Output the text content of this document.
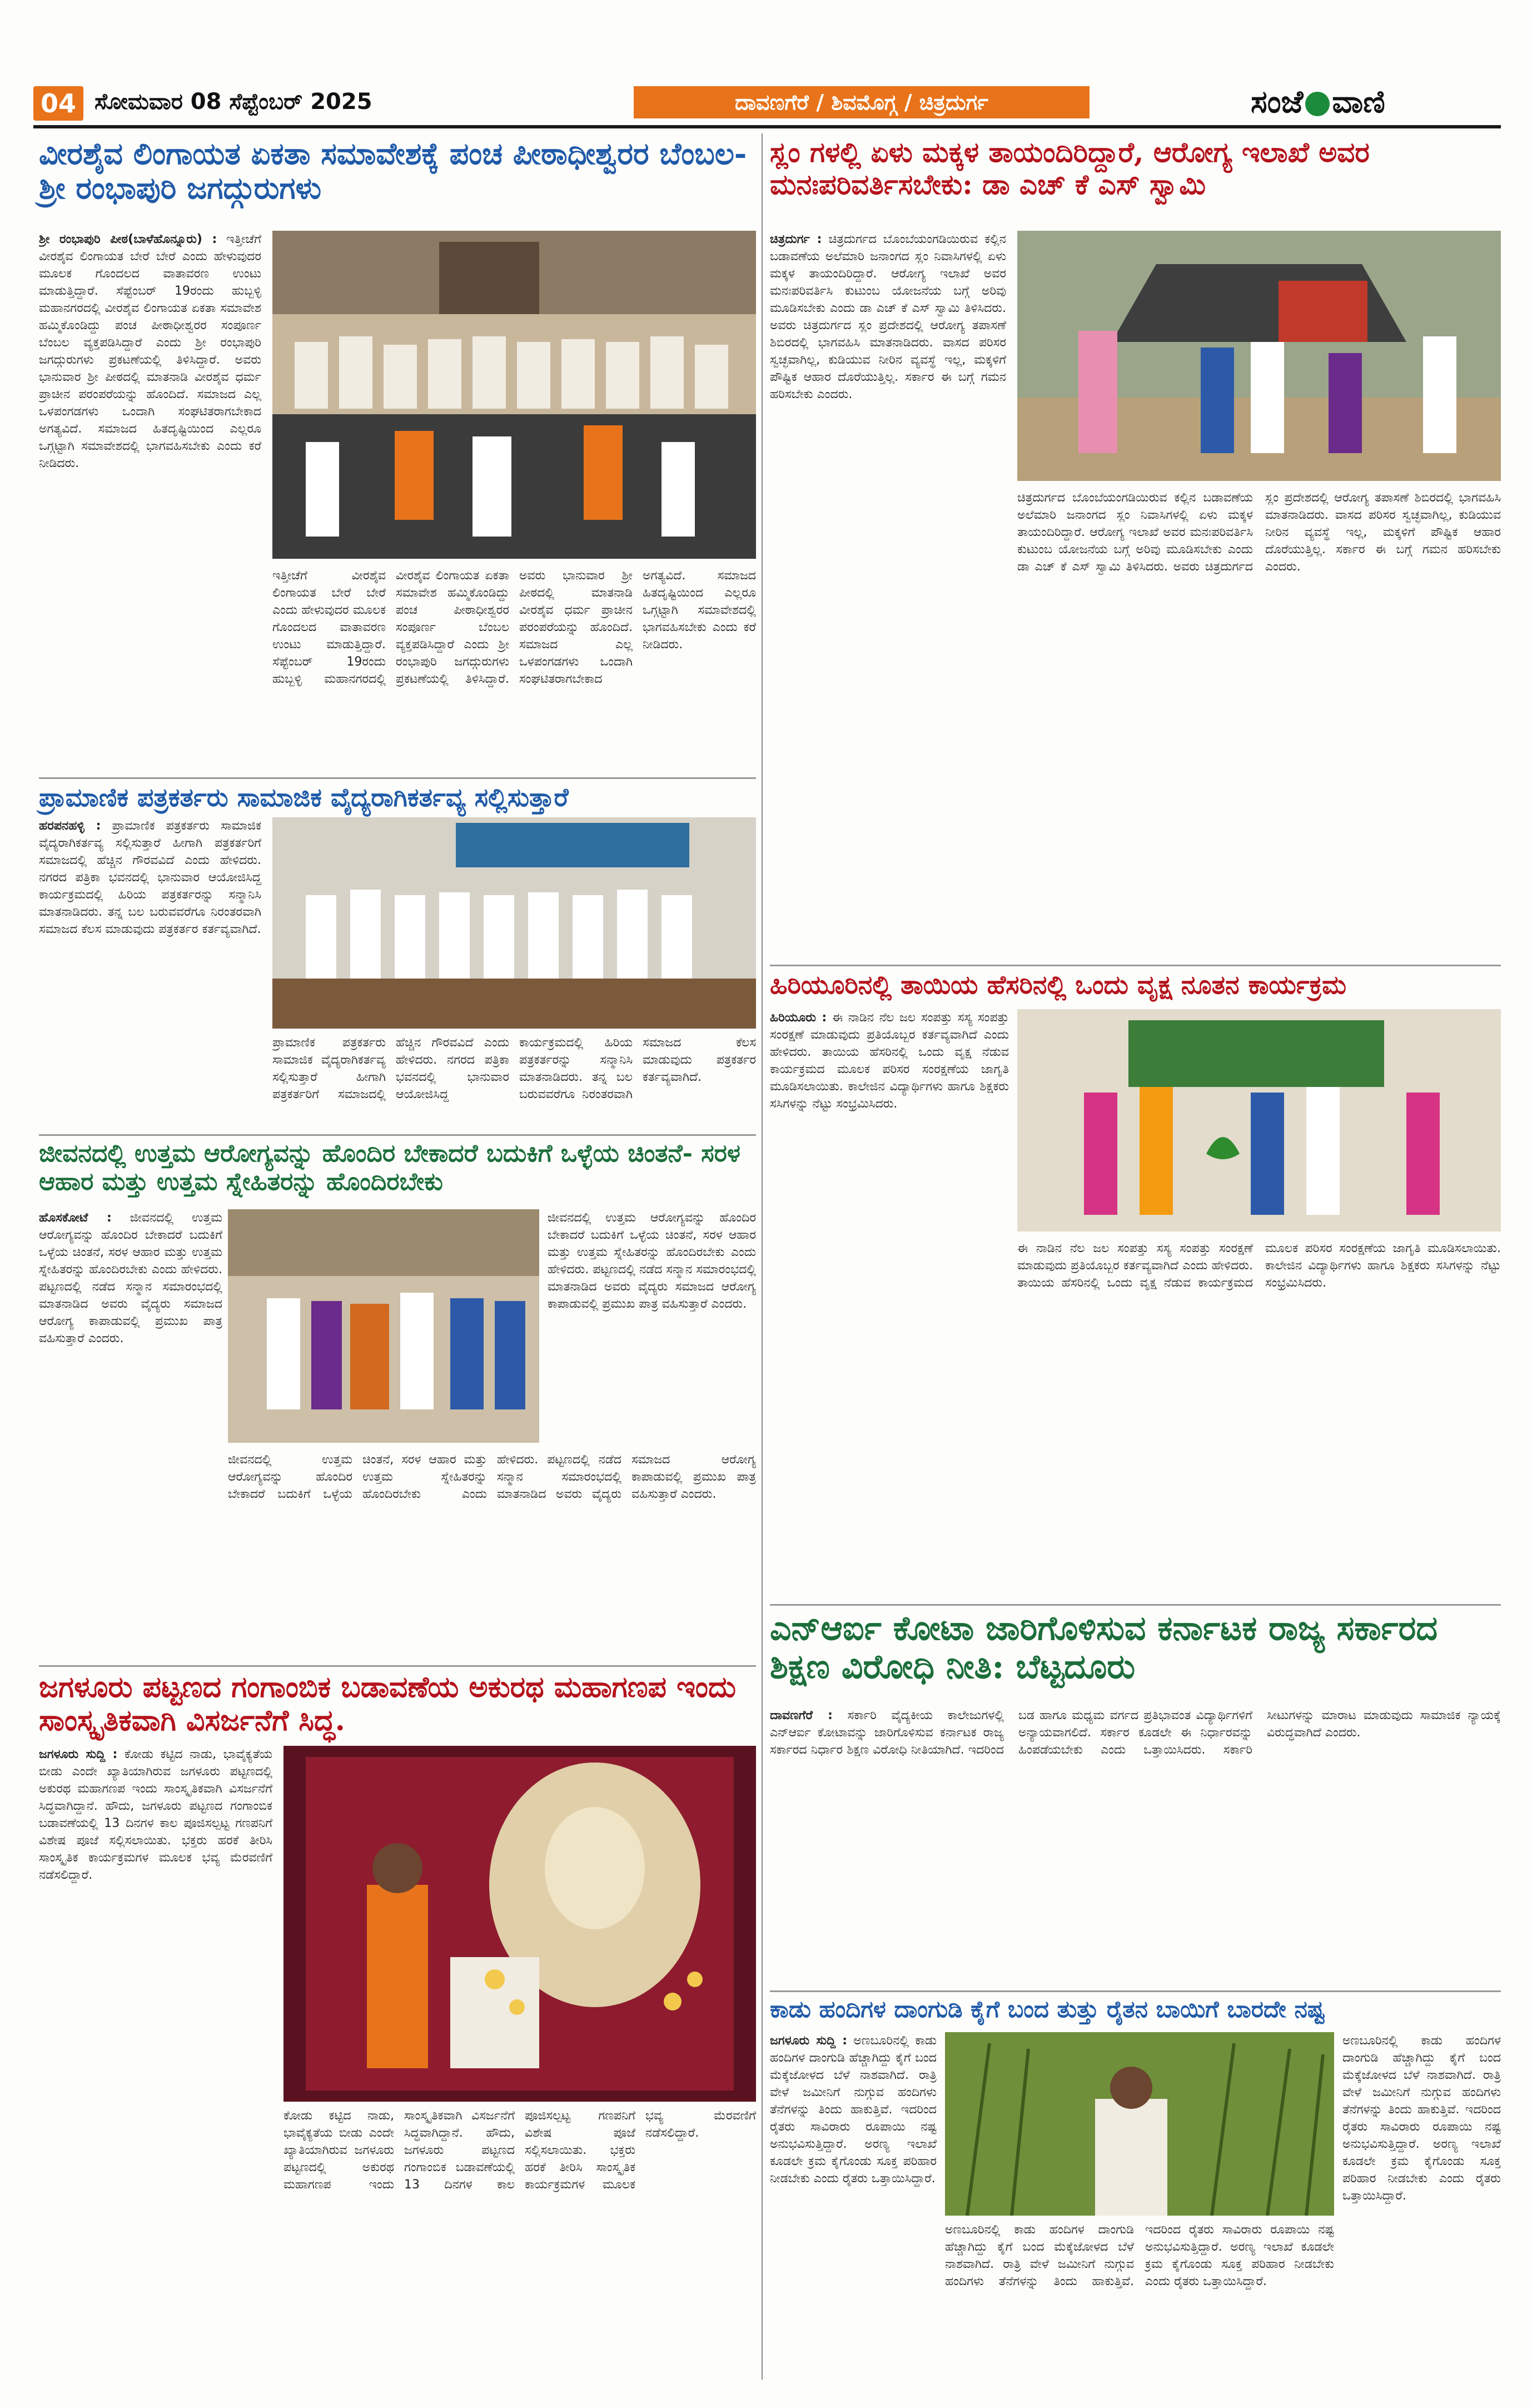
04 ಸೋಮವಾರ 08 ಸೆಪ್ಟೆಂಬರ್ 2025	ದಾವಣಗೆರೆ / ಶಿವಮೊಗ್ಗ / ಚಿತ್ರದುರ್ಗ	ಸಂಜೆ ವಾಣಿ
ವೀರಶೈವ ಲಿಂಗಾಯತ ಏಕತಾ ಸಮಾವೇಶಕ್ಕೆ ಪಂಚ ಪೀಠಾಧೀಶ್ವರರ ಬೆಂಬಲ- ಶ್ರೀ ರಂಭಾಪುರಿ ಜಗದ್ಗುರುಗಳು
ಶ್ರೀ ರಂಭಾಪುರಿ ಪೀಠ(ಬಾಳೆಹೊನ್ನೂರು) : ಇತ್ತೀಚೆಗೆ ವೀರಶೈವ ಲಿಂಗಾಯತ ಬೇರೆ ಬೇರೆ ಎಂದು ಹೇಳುವುದರ ಮೂಲಕ ಗೊಂದಲದ ವಾತಾವರಣ ಉಂಟು ಮಾಡುತ್ತಿದ್ದಾರೆ. ಸೆಪ್ಟೆಂಬರ್ 19ರಂದು ಹುಬ್ಬಳ್ಳಿ ಮಹಾನಗರದಲ್ಲಿ ವೀರಶೈವ ಲಿಂಗಾಯತ ಏಕತಾ ಸಮಾವೇಶ ಹಮ್ಮಿಕೊಂಡಿದ್ದು ಪಂಚ ಪೀಠಾಧೀಶ್ವರರ ಸಂಪೂರ್ಣ ಬೆಂಬಲ ವ್ಯಕ್ತಪಡಿಸಿದ್ದಾರೆ ಎಂದು ಶ್ರೀ ರಂಭಾಪುರಿ ಜಗದ್ಗುರುಗಳು ಪ್ರಕಟಣೆಯಲ್ಲಿ ತಿಳಿಸಿದ್ದಾರೆ. ಅವರು ಭಾನುವಾರ ಶ್ರೀ ಪೀಠದಲ್ಲಿ ಮಾತನಾಡಿ ವೀರಶೈವ ಧರ್ಮ ಪ್ರಾಚೀನ ಪರಂಪರೆಯನ್ನು ಹೊಂದಿದೆ. ಸಮಾಜದ ಎಲ್ಲ ಒಳಪಂಗಡಗಳು ಒಂದಾಗಿ ಸಂಘಟಿತರಾಗಬೇಕಾದ ಅಗತ್ಯವಿದೆ. ಸಮಾಜದ ಹಿತದೃಷ್ಟಿಯಿಂದ ಎಲ್ಲರೂ ಒಗ್ಗಟ್ಟಾಗಿ ಸಮಾವೇಶದಲ್ಲಿ ಭಾಗವಹಿಸಬೇಕು ಎಂದು ಕರೆ ನೀಡಿದರು.
ಇತ್ತೀಚೆಗೆ ವೀರಶೈವ ಲಿಂಗಾಯತ ಬೇರೆ ಬೇರೆ ಎಂದು ಹೇಳುವುದರ ಮೂಲಕ ಗೊಂದಲದ ವಾತಾವರಣ ಉಂಟು ಮಾಡುತ್ತಿದ್ದಾರೆ. ಸೆಪ್ಟೆಂಬರ್ 19ರಂದು ಹುಬ್ಬಳ್ಳಿ ಮಹಾನಗರದಲ್ಲಿ ವೀರಶೈವ ಲಿಂಗಾಯತ ಏಕತಾ ಸಮಾವೇಶ ಹಮ್ಮಿಕೊಂಡಿದ್ದು ಪಂಚ ಪೀಠಾಧೀಶ್ವರರ ಸಂಪೂರ್ಣ ಬೆಂಬಲ ವ್ಯಕ್ತಪಡಿಸಿದ್ದಾರೆ ಎಂದು ಶ್ರೀ ರಂಭಾಪುರಿ ಜಗದ್ಗುರುಗಳು ಪ್ರಕಟಣೆಯಲ್ಲಿ ತಿಳಿಸಿದ್ದಾರೆ. ಅವರು ಭಾನುವಾರ ಶ್ರೀ ಪೀಠದಲ್ಲಿ ಮಾತನಾಡಿ ವೀರಶೈವ ಧರ್ಮ ಪ್ರಾಚೀನ ಪರಂಪರೆಯನ್ನು ಹೊಂದಿದೆ. ಸಮಾಜದ ಎಲ್ಲ ಒಳಪಂಗಡಗಳು ಒಂದಾಗಿ ಸಂಘಟಿತರಾಗಬೇಕಾದ ಅಗತ್ಯವಿದೆ. ಸಮಾಜದ ಹಿತದೃಷ್ಟಿಯಿಂದ ಎಲ್ಲರೂ ಒಗ್ಗಟ್ಟಾಗಿ ಸಮಾವೇಶದಲ್ಲಿ ಭಾಗವಹಿಸಬೇಕು ಎಂದು ಕರೆ ನೀಡಿದರು.
ಪ್ರಾಮಾಣಿಕ ಪತ್ರಕರ್ತರು ಸಾಮಾಜಿಕ ವೈದ್ಯರಾಗಿಕರ್ತವ್ಯ ಸಲ್ಲಿಸುತ್ತಾರೆ
ಹರಪನಹಳ್ಳಿ : ಪ್ರಾಮಾಣಿಕ ಪತ್ರಕರ್ತರು ಸಾಮಾಜಿಕ ವೈದ್ಯರಾಗಿಕರ್ತವ್ಯ ಸಲ್ಲಿಸುತ್ತಾರೆ ಹೀಗಾಗಿ ಪತ್ರಕರ್ತರಿಗೆ ಸಮಾಜದಲ್ಲಿ ಹೆಚ್ಚಿನ ಗೌರವವಿದೆ ಎಂದು ಹೇಳಿದರು. ನಗರದ ಪತ್ರಿಕಾ ಭವನದಲ್ಲಿ ಭಾನುವಾರ ಆಯೋಜಿಸಿದ್ದ ಕಾರ್ಯಕ್ರಮದಲ್ಲಿ ಹಿರಿಯ ಪತ್ರಕರ್ತರನ್ನು ಸನ್ಮಾನಿಸಿ ಮಾತನಾಡಿದರು. ತನ್ನ ಬಲ ಬರುವವರೆಗೂ ನಿರಂತರವಾಗಿ ಸಮಾಜದ ಕೆಲಸ ಮಾಡುವುದು ಪತ್ರಕರ್ತರ ಕರ್ತವ್ಯವಾಗಿದೆ.
ಪ್ರಾಮಾಣಿಕ ಪತ್ರಕರ್ತರು ಸಾಮಾಜಿಕ ವೈದ್ಯರಾಗಿಕರ್ತವ್ಯ ಸಲ್ಲಿಸುತ್ತಾರೆ ಹೀಗಾಗಿ ಪತ್ರಕರ್ತರಿಗೆ ಸಮಾಜದಲ್ಲಿ ಹೆಚ್ಚಿನ ಗೌರವವಿದೆ ಎಂದು ಹೇಳಿದರು. ನಗರದ ಪತ್ರಿಕಾ ಭವನದಲ್ಲಿ ಭಾನುವಾರ ಆಯೋಜಿಸಿದ್ದ ಕಾರ್ಯಕ್ರಮದಲ್ಲಿ ಹಿರಿಯ ಪತ್ರಕರ್ತರನ್ನು ಸನ್ಮಾನಿಸಿ ಮಾತನಾಡಿದರು. ತನ್ನ ಬಲ ಬರುವವರೆಗೂ ನಿರಂತರವಾಗಿ ಸಮಾಜದ ಕೆಲಸ ಮಾಡುವುದು ಪತ್ರಕರ್ತರ ಕರ್ತವ್ಯವಾಗಿದೆ.
ಜೀವನದಲ್ಲಿ ಉತ್ತಮ ಆರೋಗ್ಯವನ್ನು ಹೊಂದಿರ ಬೇಕಾದರೆ ಬದುಕಿಗೆ ಒಳ್ಳೆಯ ಚಿಂತನೆ- ಸರಳ ಆಹಾರ ಮತ್ತು ಉತ್ತಮ ಸ್ನೇಹಿತರನ್ನು ಹೊಂದಿರಬೇಕು
ಹೊಸಕೋಟೆ : ಜೀವನದಲ್ಲಿ ಉತ್ತಮ ಆರೋಗ್ಯವನ್ನು ಹೊಂದಿರ ಬೇಕಾದರೆ ಬದುಕಿಗೆ ಒಳ್ಳೆಯ ಚಿಂತನೆ, ಸರಳ ಆಹಾರ ಮತ್ತು ಉತ್ತಮ ಸ್ನೇಹಿತರನ್ನು ಹೊಂದಿರಬೇಕು ಎಂದು ಹೇಳಿದರು. ಪಟ್ಟಣದಲ್ಲಿ ನಡೆದ ಸನ್ಮಾನ ಸಮಾರಂಭದಲ್ಲಿ ಮಾತನಾಡಿದ ಅವರು ವೈದ್ಯರು ಸಮಾಜದ ಆರೋಗ್ಯ ಕಾಪಾಡುವಲ್ಲಿ ಪ್ರಮುಖ ಪಾತ್ರ ವಹಿಸುತ್ತಾರೆ ಎಂದರು.
ಜೀವನದಲ್ಲಿ ಉತ್ತಮ ಆರೋಗ್ಯವನ್ನು ಹೊಂದಿರ ಬೇಕಾದರೆ ಬದುಕಿಗೆ ಒಳ್ಳೆಯ ಚಿಂತನೆ, ಸರಳ ಆಹಾರ ಮತ್ತು ಉತ್ತಮ ಸ್ನೇಹಿತರನ್ನು ಹೊಂದಿರಬೇಕು ಎಂದು ಹೇಳಿದರು. ಪಟ್ಟಣದಲ್ಲಿ ನಡೆದ ಸನ್ಮಾನ ಸಮಾರಂಭದಲ್ಲಿ ಮಾತನಾಡಿದ ಅವರು ವೈದ್ಯರು ಸಮಾಜದ ಆರೋಗ್ಯ ಕಾಪಾಡುವಲ್ಲಿ ಪ್ರಮುಖ ಪಾತ್ರ ವಹಿಸುತ್ತಾರೆ ಎಂದರು.
ಜೀವನದಲ್ಲಿ ಉತ್ತಮ ಆರೋಗ್ಯವನ್ನು ಹೊಂದಿರ ಬೇಕಾದರೆ ಬದುಕಿಗೆ ಒಳ್ಳೆಯ ಚಿಂತನೆ, ಸರಳ ಆಹಾರ ಮತ್ತು ಉತ್ತಮ ಸ್ನೇಹಿತರನ್ನು ಹೊಂದಿರಬೇಕು ಎಂದು ಹೇಳಿದರು. ಪಟ್ಟಣದಲ್ಲಿ ನಡೆದ ಸನ್ಮಾನ ಸಮಾರಂಭದಲ್ಲಿ ಮಾತನಾಡಿದ ಅವರು ವೈದ್ಯರು ಸಮಾಜದ ಆರೋಗ್ಯ ಕಾಪಾಡುವಲ್ಲಿ ಪ್ರಮುಖ ಪಾತ್ರ ವಹಿಸುತ್ತಾರೆ ಎಂದರು.
ಜಗಳೂರು ಪಟ್ಟಣದ ಗಂಗಾಂಬಿಕ ಬಡಾವಣೆಯ ಅಕುರಥ ಮಹಾಗಣಪ ಇಂದು ಸಾಂಸ್ಕೃತಿಕವಾಗಿ ವಿಸರ್ಜನೆಗೆ ಸಿದ್ಧ.
ಜಗಳೂರು ಸುದ್ದಿ : ಕೋಡು ಕಟ್ಟಿದ ನಾಡು, ಭಾವೈಕ್ಯತೆಯ ಬೀಡು ಎಂದೇ ಖ್ಯಾತಿಯಾಗಿರುವ ಜಗಳೂರು ಪಟ್ಟಣದಲ್ಲಿ ಅಕುರಥ ಮಹಾಗಣಪ ಇಂದು ಸಾಂಸ್ಕೃತಿಕವಾಗಿ ವಿಸರ್ಜನೆಗೆ ಸಿದ್ಧವಾಗಿದ್ದಾನೆ. ಹೌದು, ಜಗಳೂರು ಪಟ್ಟಣದ ಗಂಗಾಂಬಿಕ ಬಡಾವಣೆಯಲ್ಲಿ 13 ದಿನಗಳ ಕಾಲ ಪೂಜಿಸಲ್ಪಟ್ಟ ಗಣಪನಿಗೆ ವಿಶೇಷ ಪೂಜೆ ಸಲ್ಲಿಸಲಾಯಿತು. ಭಕ್ತರು ಹರಕೆ ತೀರಿಸಿ ಸಾಂಸ್ಕೃತಿಕ ಕಾರ್ಯಕ್ರಮಗಳ ಮೂಲಕ ಭವ್ಯ ಮೆರವಣಿಗೆ ನಡೆಸಲಿದ್ದಾರೆ.
ಕೋಡು ಕಟ್ಟಿದ ನಾಡು, ಭಾವೈಕ್ಯತೆಯ ಬೀಡು ಎಂದೇ ಖ್ಯಾತಿಯಾಗಿರುವ ಜಗಳೂರು ಪಟ್ಟಣದಲ್ಲಿ ಅಕುರಥ ಮಹಾಗಣಪ ಇಂದು ಸಾಂಸ್ಕೃತಿಕವಾಗಿ ವಿಸರ್ಜನೆಗೆ ಸಿದ್ಧವಾಗಿದ್ದಾನೆ. ಹೌದು, ಜಗಳೂರು ಪಟ್ಟಣದ ಗಂಗಾಂಬಿಕ ಬಡಾವಣೆಯಲ್ಲಿ 13 ದಿನಗಳ ಕಾಲ ಪೂಜಿಸಲ್ಪಟ್ಟ ಗಣಪನಿಗೆ ವಿಶೇಷ ಪೂಜೆ ಸಲ್ಲಿಸಲಾಯಿತು. ಭಕ್ತರು ಹರಕೆ ತೀರಿಸಿ ಸಾಂಸ್ಕೃತಿಕ ಕಾರ್ಯಕ್ರಮಗಳ ಮೂಲಕ ಭವ್ಯ ಮೆರವಣಿಗೆ ನಡೆಸಲಿದ್ದಾರೆ.
ಸ್ಲಂ ಗಳಲ್ಲಿ ಏಳು ಮಕ್ಕಳ ತಾಯಂದಿರಿದ್ದಾರೆ, ಆರೋಗ್ಯ ಇಲಾಖೆ ಅವರ ಮನಃಪರಿವರ್ತಿಸಬೇಕು: ಡಾ ಎಚ್ ಕೆ ಎಸ್ ಸ್ವಾಮಿ
ಚಿತ್ರದುರ್ಗ : ಚಿತ್ರದುರ್ಗದ ಬೊಂಬೆಯಂಗಡಿಯಿರುವ ಕಲ್ಲಿನ ಬಡಾವಣೆಯ ಅಲೆಮಾರಿ ಜನಾಂಗದ ಸ್ಲಂ ನಿವಾಸಿಗಳಲ್ಲಿ ಏಳು ಮಕ್ಕಳ ತಾಯಂದಿರಿದ್ದಾರೆ. ಆರೋಗ್ಯ ಇಲಾಖೆ ಅವರ ಮನಃಪರಿವರ್ತಿಸಿ ಕುಟುಂಬ ಯೋಜನೆಯ ಬಗ್ಗೆ ಅರಿವು ಮೂಡಿಸಬೇಕು ಎಂದು ಡಾ ಎಚ್ ಕೆ ಎಸ್ ಸ್ವಾಮಿ ತಿಳಿಸಿದರು. ಅವರು ಚಿತ್ರದುರ್ಗದ ಸ್ಲಂ ಪ್ರದೇಶದಲ್ಲಿ ಆರೋಗ್ಯ ತಪಾಸಣೆ ಶಿಬಿರದಲ್ಲಿ ಭಾಗವಹಿಸಿ ಮಾತನಾಡಿದರು. ವಾಸದ ಪರಿಸರ ಸ್ವಚ್ಛವಾಗಿಲ್ಲ, ಕುಡಿಯುವ ನೀರಿನ ವ್ಯವಸ್ಥೆ ಇಲ್ಲ, ಮಕ್ಕಳಿಗೆ ಪೌಷ್ಟಿಕ ಆಹಾರ ದೊರೆಯುತ್ತಿಲ್ಲ. ಸರ್ಕಾರ ಈ ಬಗ್ಗೆ ಗಮನ ಹರಿಸಬೇಕು ಎಂದರು.
ಚಿತ್ರದುರ್ಗದ ಬೊಂಬೆಯಂಗಡಿಯಿರುವ ಕಲ್ಲಿನ ಬಡಾವಣೆಯ ಅಲೆಮಾರಿ ಜನಾಂಗದ ಸ್ಲಂ ನಿವಾಸಿಗಳಲ್ಲಿ ಏಳು ಮಕ್ಕಳ ತಾಯಂದಿರಿದ್ದಾರೆ. ಆರೋಗ್ಯ ಇಲಾಖೆ ಅವರ ಮನಃಪರಿವರ್ತಿಸಿ ಕುಟುಂಬ ಯೋಜನೆಯ ಬಗ್ಗೆ ಅರಿವು ಮೂಡಿಸಬೇಕು ಎಂದು ಡಾ ಎಚ್ ಕೆ ಎಸ್ ಸ್ವಾಮಿ ತಿಳಿಸಿದರು. ಅವರು ಚಿತ್ರದುರ್ಗದ ಸ್ಲಂ ಪ್ರದೇಶದಲ್ಲಿ ಆರೋಗ್ಯ ತಪಾಸಣೆ ಶಿಬಿರದಲ್ಲಿ ಭಾಗವಹಿಸಿ ಮಾತನಾಡಿದರು. ವಾಸದ ಪರಿಸರ ಸ್ವಚ್ಛವಾಗಿಲ್ಲ, ಕುಡಿಯುವ ನೀರಿನ ವ್ಯವಸ್ಥೆ ಇಲ್ಲ, ಮಕ್ಕಳಿಗೆ ಪೌಷ್ಟಿಕ ಆಹಾರ ದೊರೆಯುತ್ತಿಲ್ಲ. ಸರ್ಕಾರ ಈ ಬಗ್ಗೆ ಗಮನ ಹರಿಸಬೇಕು ಎಂದರು.
ಹಿರಿಯೂರಿನಲ್ಲಿ ತಾಯಿಯ ಹೆಸರಿನಲ್ಲಿ ಒಂದು ವೃಕ್ಷ ನೂತನ ಕಾರ್ಯಕ್ರಮ
ಹಿರಿಯೂರು : ಈ ನಾಡಿನ ನೆಲ ಜಲ ಸಂಪತ್ತು ಸಸ್ಯ ಸಂಪತ್ತು ಸಂರಕ್ಷಣೆ ಮಾಡುವುದು ಪ್ರತಿಯೊಬ್ಬರ ಕರ್ತವ್ಯವಾಗಿದೆ ಎಂದು ಹೇಳಿದರು. ತಾಯಿಯ ಹೆಸರಿನಲ್ಲಿ ಒಂದು ವೃಕ್ಷ ನೆಡುವ ಕಾರ್ಯಕ್ರಮದ ಮೂಲಕ ಪರಿಸರ ಸಂರಕ್ಷಣೆಯ ಜಾಗೃತಿ ಮೂಡಿಸಲಾಯಿತು. ಕಾಲೇಜಿನ ವಿದ್ಯಾರ್ಥಿಗಳು ಹಾಗೂ ಶಿಕ್ಷಕರು ಸಸಿಗಳನ್ನು ನೆಟ್ಟು ಸಂಭ್ರಮಿಸಿದರು.
ಈ ನಾಡಿನ ನೆಲ ಜಲ ಸಂಪತ್ತು ಸಸ್ಯ ಸಂಪತ್ತು ಸಂರಕ್ಷಣೆ ಮಾಡುವುದು ಪ್ರತಿಯೊಬ್ಬರ ಕರ್ತವ್ಯವಾಗಿದೆ ಎಂದು ಹೇಳಿದರು. ತಾಯಿಯ ಹೆಸರಿನಲ್ಲಿ ಒಂದು ವೃಕ್ಷ ನೆಡುವ ಕಾರ್ಯಕ್ರಮದ ಮೂಲಕ ಪರಿಸರ ಸಂರಕ್ಷಣೆಯ ಜಾಗೃತಿ ಮೂಡಿಸಲಾಯಿತು. ಕಾಲೇಜಿನ ವಿದ್ಯಾರ್ಥಿಗಳು ಹಾಗೂ ಶಿಕ್ಷಕರು ಸಸಿಗಳನ್ನು ನೆಟ್ಟು ಸಂಭ್ರಮಿಸಿದರು.
ಎನ್ಆರ್ಐ ಕೋಟಾ ಜಾರಿಗೊಳಿಸುವ ಕರ್ನಾಟಕ ರಾಜ್ಯ ಸರ್ಕಾರದ ಶಿಕ್ಷಣ ವಿರೋಧಿ ನೀತಿ: ಬೆಟ್ಟದೂರು
ದಾವಣಗೆರೆ : ಸರ್ಕಾರಿ ವೈದ್ಯಕೀಯ ಕಾಲೇಜುಗಳಲ್ಲಿ ಎನ್ಆರ್ಐ ಕೋಟಾವನ್ನು ಜಾರಿಗೊಳಿಸುವ ಕರ್ನಾಟಕ ರಾಜ್ಯ ಸರ್ಕಾರದ ನಿರ್ಧಾರ ಶಿಕ್ಷಣ ವಿರೋಧಿ ನೀತಿಯಾಗಿದೆ. ಇದರಿಂದ ಬಡ ಹಾಗೂ ಮಧ್ಯಮ ವರ್ಗದ ಪ್ರತಿಭಾವಂತ ವಿದ್ಯಾರ್ಥಿಗಳಿಗೆ ಅನ್ಯಾಯವಾಗಲಿದೆ. ಸರ್ಕಾರ ಕೂಡಲೇ ಈ ನಿರ್ಧಾರವನ್ನು ಹಿಂಪಡೆಯಬೇಕು ಎಂದು ಒತ್ತಾಯಿಸಿದರು. ಸರ್ಕಾರಿ ಸೀಟುಗಳನ್ನು ಮಾರಾಟ ಮಾಡುವುದು ಸಾಮಾಜಿಕ ನ್ಯಾಯಕ್ಕೆ ವಿರುದ್ಧವಾಗಿದೆ ಎಂದರು.
ಕಾಡು ಹಂದಿಗಳ ದಾಂಗುಡಿ ಕೈಗೆ ಬಂದ ತುತ್ತು ರೈತನ ಬಾಯಿಗೆ ಬಾರದೇ ನಷ್ಟ
ಜಗಳೂರು ಸುದ್ದಿ : ಅಣಬೂರಿನಲ್ಲಿ ಕಾಡು ಹಂದಿಗಳ ದಾಂಗುಡಿ ಹೆಚ್ಚಾಗಿದ್ದು ಕೈಗೆ ಬಂದ ಮೆಕ್ಕೆಜೋಳದ ಬೆಳೆ ನಾಶವಾಗಿದೆ. ರಾತ್ರಿ ವೇಳೆ ಜಮೀನಿಗೆ ನುಗ್ಗುವ ಹಂದಿಗಳು ತೆನೆಗಳನ್ನು ತಿಂದು ಹಾಕುತ್ತಿವೆ. ಇದರಿಂದ ರೈತರು ಸಾವಿರಾರು ರೂಪಾಯಿ ನಷ್ಟ ಅನುಭವಿಸುತ್ತಿದ್ದಾರೆ. ಅರಣ್ಯ ಇಲಾಖೆ ಕೂಡಲೇ ಕ್ರಮ ಕೈಗೊಂಡು ಸೂಕ್ತ ಪರಿಹಾರ ನೀಡಬೇಕು ಎಂದು ರೈತರು ಒತ್ತಾಯಿಸಿದ್ದಾರೆ.
ಅಣಬೂರಿನಲ್ಲಿ ಕಾಡು ಹಂದಿಗಳ ದಾಂಗುಡಿ ಹೆಚ್ಚಾಗಿದ್ದು ಕೈಗೆ ಬಂದ ಮೆಕ್ಕೆಜೋಳದ ಬೆಳೆ ನಾಶವಾಗಿದೆ. ರಾತ್ರಿ ವೇಳೆ ಜಮೀನಿಗೆ ನುಗ್ಗುವ ಹಂದಿಗಳು ತೆನೆಗಳನ್ನು ತಿಂದು ಹಾಕುತ್ತಿವೆ. ಇದರಿಂದ ರೈತರು ಸಾವಿರಾರು ರೂಪಾಯಿ ನಷ್ಟ ಅನುಭವಿಸುತ್ತಿದ್ದಾರೆ. ಅರಣ್ಯ ಇಲಾಖೆ ಕೂಡಲೇ ಕ್ರಮ ಕೈಗೊಂಡು ಸೂಕ್ತ ಪರಿಹಾರ ನೀಡಬೇಕು ಎಂದು ರೈತರು ಒತ್ತಾಯಿಸಿದ್ದಾರೆ.
ಅಣಬೂರಿನಲ್ಲಿ ಕಾಡು ಹಂದಿಗಳ ದಾಂಗುಡಿ ಹೆಚ್ಚಾಗಿದ್ದು ಕೈಗೆ ಬಂದ ಮೆಕ್ಕೆಜೋಳದ ಬೆಳೆ ನಾಶವಾಗಿದೆ. ರಾತ್ರಿ ವೇಳೆ ಜಮೀನಿಗೆ ನುಗ್ಗುವ ಹಂದಿಗಳು ತೆನೆಗಳನ್ನು ತಿಂದು ಹಾಕುತ್ತಿವೆ. ಇದರಿಂದ ರೈತರು ಸಾವಿರಾರು ರೂಪಾಯಿ ನಷ್ಟ ಅನುಭವಿಸುತ್ತಿದ್ದಾರೆ. ಅರಣ್ಯ ಇಲಾಖೆ ಕೂಡಲೇ ಕ್ರಮ ಕೈಗೊಂಡು ಸೂಕ್ತ ಪರಿಹಾರ ನೀಡಬೇಕು ಎಂದು ರೈತರು ಒತ್ತಾಯಿಸಿದ್ದಾರೆ.
